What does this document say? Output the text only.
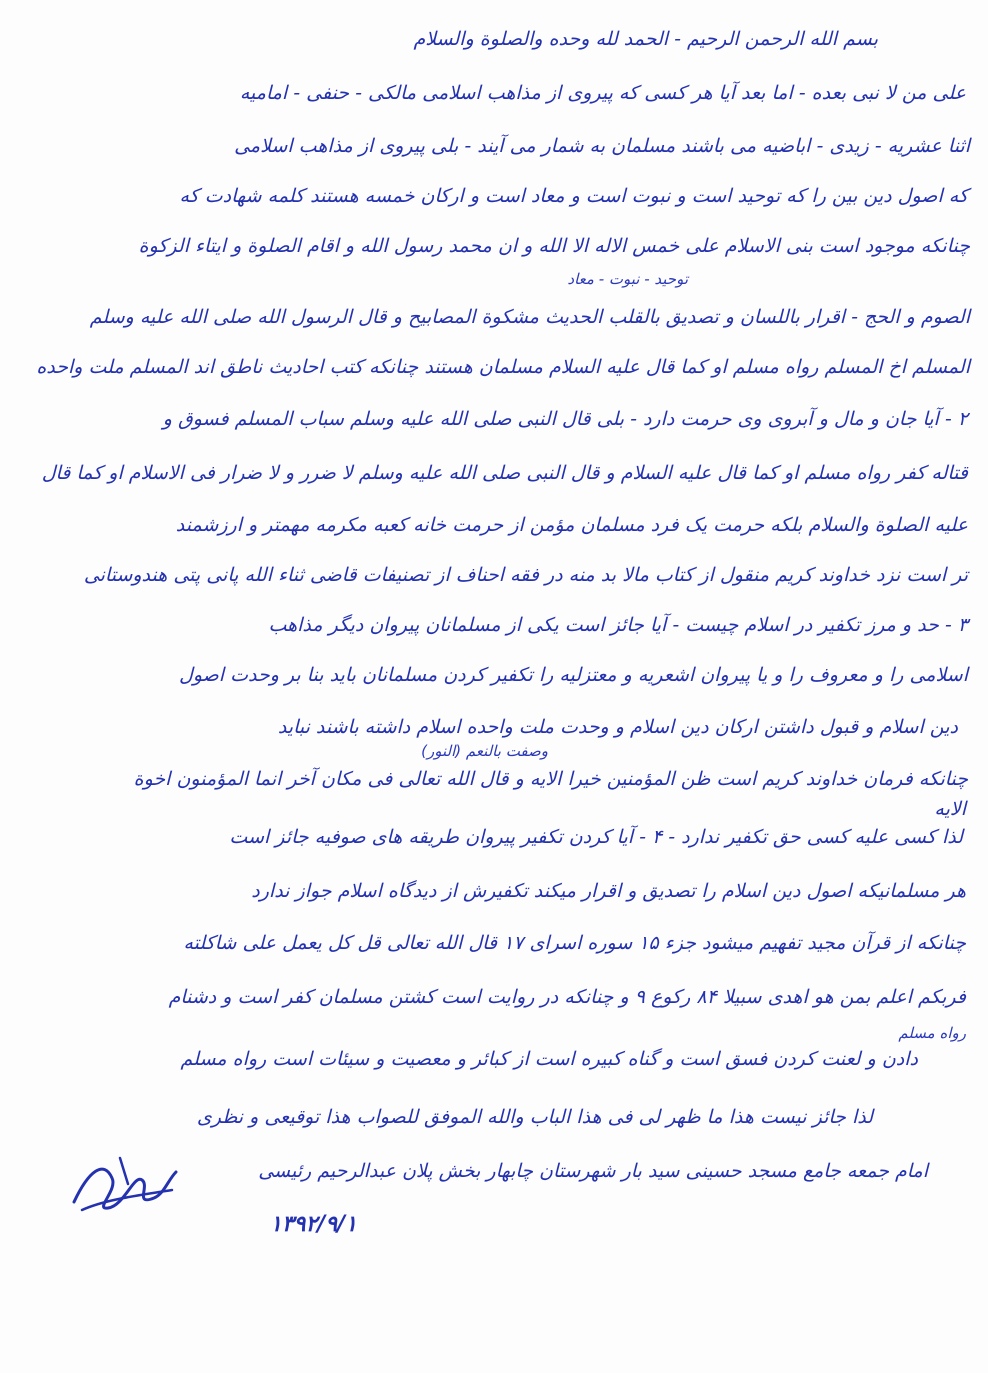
بسم الله الرحمن الرحیم - الحمد لله وحده والصلوة والسلام
علی من لا نبی بعده - اما بعد آیا هر کسی که پیروی از مذاهب اسلامی مالکی - حنفی - امامیه
اثنا عشریه - زیدی - اباضیه می باشند مسلمان به شمار می آیند - بلی پیروی از مذاهب اسلامی
که اصول دین بین را که توحید است و نبوت است و معاد است و ارکان خمسه هستند کلمه شهادت که
چنانکه موجود است بنی الاسلام علی خمس الاله الا الله و ان محمد رسول الله و اقام الصلوة و ایتاء الزکوة
توحید - نبوت - معاد
الصوم و الحج - اقرار باللسان و تصدیق بالقلب الحدیث مشکوة المصابیح و قال الرسول الله صلی الله علیه وسلم
المسلم اخ المسلم رواه مسلم او کما قال علیه السلام مسلمان هستند چنانکه کتب احادیث ناطق اند المسلم ملت واحده
۲ - آیا جان و مال و آبروی وی حرمت دارد - بلی قال النبی صلی الله علیه وسلم سباب المسلم فسوق و
قتاله کفر رواه مسلم او کما قال علیه السلام و قال النبی صلی الله علیه وسلم لا ضرر و لا ضرار فی الاسلام او کما قال
علیه الصلوة والسلام بلکه حرمت یک فرد مسلمان مؤمن از حرمت خانه کعبه مکرمه مهمتر و ارزشمند
تر است نزد خداوند کریم منقول از کتاب مالا بد منه در فقه احناف از تصنیفات قاضی ثناء الله پانی پتی هندوستانی
۳ - حد و مرز تکفیر در اسلام چیست - آیا جائز است یکی از مسلمانان پیروان دیگر مذاهب
اسلامی را و معروف را و یا پیروان اشعریه و معتزلیه را تکفیر کردن مسلمانان باید بنا بر وحدت اصول
دین اسلام و قبول داشتن ارکان دین اسلام و وحدت ملت واحده اسلام داشته باشند نباید
وصفت بالنعم (النور)
چنانکه فرمان خداوند کریم است ظن المؤمنین خیرا الایه و قال الله تعالی فی مکان آخر انما المؤمنون اخوة
الایه
لذا کسی علیه کسی حق تکفیر ندارد - ۴ - آیا کردن تکفیر پیروان طریقه های صوفیه جائز است
هر مسلمانیکه اصول دین اسلام را تصدیق و اقرار میکند تکفیرش از دیدگاه اسلام جواز ندارد
چنانکه از قرآن مجید تفهیم میشود جزء ۱۵ سوره اسرای ۱۷ قال الله تعالی قل کل یعمل علی شاکلته
فربکم اعلم بمن هو اهدی سبیلا ۸۴ رکوع ۹ و چنانکه در روایت است کشتن مسلمان کفر است و دشنام
رواه مسلم
دادن و لعنت کردن فسق است و گناه کبیره است از کبائر و معصیت و سیئات است رواه مسلم
لذا جائز نیست هذا ما ظهر لی فی هذا الباب والله الموفق للصواب هذا توقیعی و نظری
امام جمعه جامع مسجد حسینی سید بار شهرستان چابهار بخش پلان عبدالرحیم رئیسی
۱۳۹۲/۹/۱
